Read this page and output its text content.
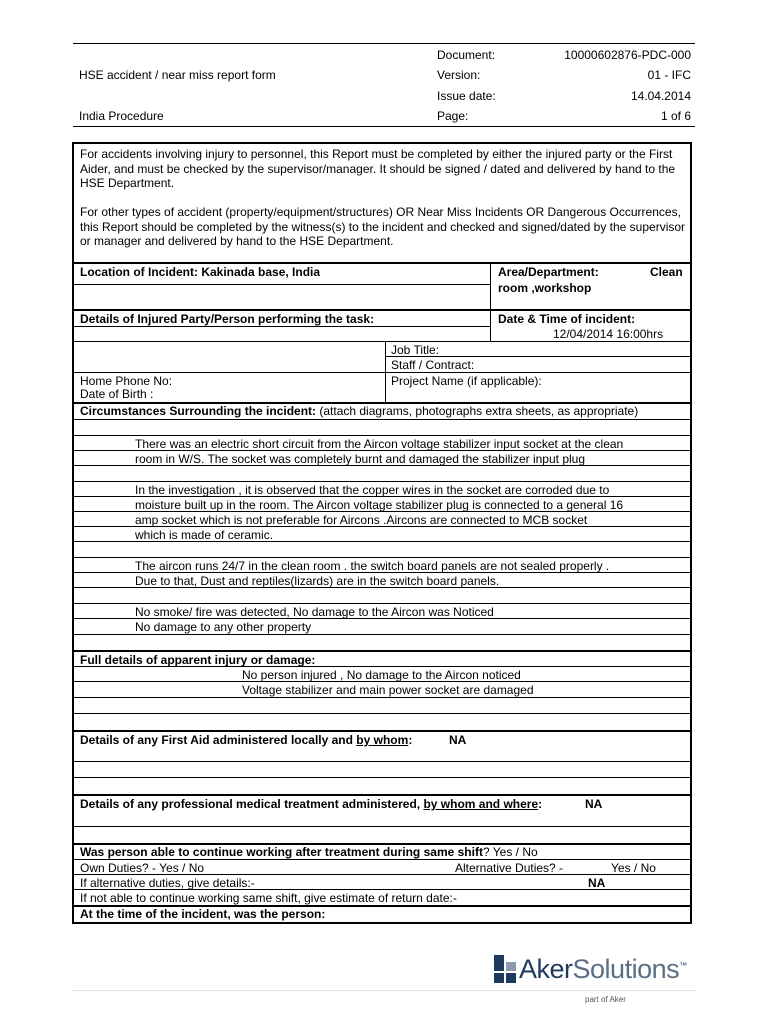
HSE accident / near miss report form
India Procedure
Document:	10000602876-PDC-000
Version:	01 - IFC
Issue date:	14.04.2014
Page:	1 of 6
For accidents involving injury to personnel, this Report must be completed by either the injured party or the First Aider, and must be checked by the supervisor/manager. It should be signed / dated and delivered by hand to the HSE Department.
For other types of accident (property/equipment/structures) OR Near Miss Incidents OR Dangerous Occurrences, this Report should be completed by the witness(s) to the incident and checked and signed/dated by the supervisor or manager and delivered by hand to the HSE Department.
Location of Incident: Kakinada base, India	Area/Department:	Clean
room ,workshop
Details of Injured Party/Person performing the task:	Date & Time of incident:
12/04/2014 16:00hrs
Job Title:
Staff / Contract:
Home Phone No:
Date of Birth :
Project Name (if applicable):
Circumstances Surrounding the incident: (attach diagrams, photographs extra sheets, as appropriate)
There was an electric short circuit from the Aircon voltage stabilizer input socket at the clean
room in W/S. The socket was completely burnt and damaged the stabilizer input plug
In the investigation , it is observed that the copper wires in the socket are corroded due to
moisture built up in the room. The Aircon voltage stabilizer plug is connected to a general 16
amp socket which is not preferable for Aircons .Aircons are connected to MCB socket
which is made of ceramic.
The aircon runs 24/7 in the clean room . the switch board panels are not sealed properly .
Due to that, Dust and reptiles(lizards) are in the switch board panels.
No smoke/ fire was detected, No damage to the Aircon was Noticed
No damage to any other property
Full details of apparent injury or damage:
No person injured , No damage to the Aircon noticed
Voltage stabilizer and main power socket are damaged
Details of any First Aid administered locally and by whom:	NA
Details of any professional medical treatment administered, by whom and where:	NA
Was person able to continue working after treatment during same shift? Yes / No
Own Duties? - Yes / No	Alternative Duties? -	Yes / No
If alternative duties, give details:-	NA
If not able to continue working same shift, give estimate of return date:-
At the time of the incident, was the person:
AkerSolutions™
part of Aker
